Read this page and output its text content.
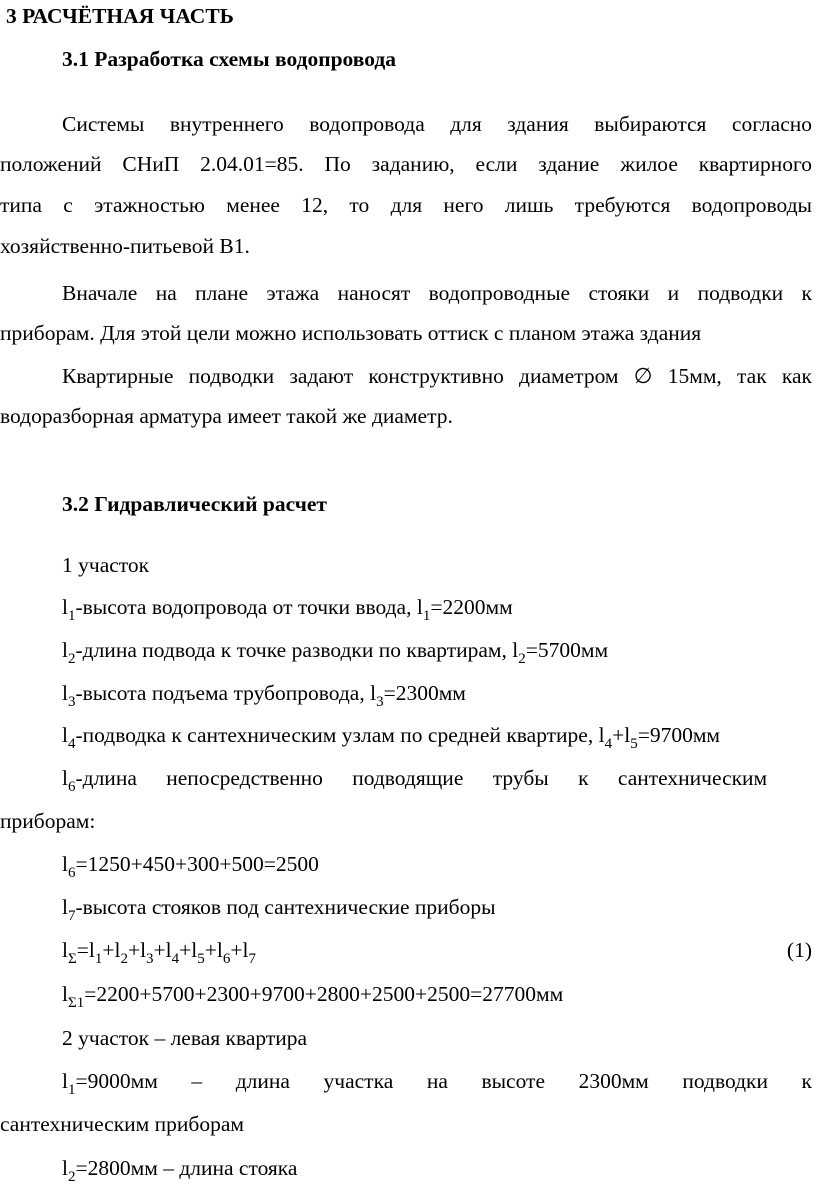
3 РАСЧЁТНАЯ ЧАСТЬ
3.1 Разработка схемы водопровода
Системы внутреннего водопровода для здания выбираются согласно
положений СНиП 2.04.01=85. По заданию, если здание жилое квартирного
типа с этажностью менее 12, то для него лишь требуются водопроводы
хозяйственно-питьевой В1.
Вначале на плане этажа наносят водопроводные стояки и подводки к
приборам. Для этой цели можно использовать оттиск с планом этажа здания
Квартирные подводки задают конструктивно диаметром ∅ 15мм, так как
водоразборная арматура имеет такой же диаметр.
3.2 Гидравлический расчет
1 участок
$l_1$-высота водопровода от точки ввода, $l_1=2200мм$
$l_2$-длина подвода к точке разводки по квартирам, $l_2=5700мм$
$l_3$-высота подъема трубопровода, $l_3=2300мм$
$l_4$-подводка к сантехническим узлам по средней квартире, $l_4+l_5=9700мм$
$l_6$-длина непосредственно подводящие трубы к сантехническим
приборам:
$l_6=1250+450+300+500=2500$
$l_7$-высота стояков под сантехнические приборы
$l_\Sigma=l_1+l_2+l_3+l_4+l_5+l_6+l_7$	(1)
$l_{\Sigma 1}=2200+5700+2300+9700+2800+2500+2500=27700мм$
2 участок – левая квартира
$l_1=9000мм$ – длина участка на высоте 2300мм подводки к
сантехническим приборам
$l_2=2800мм$ – длина стояка
